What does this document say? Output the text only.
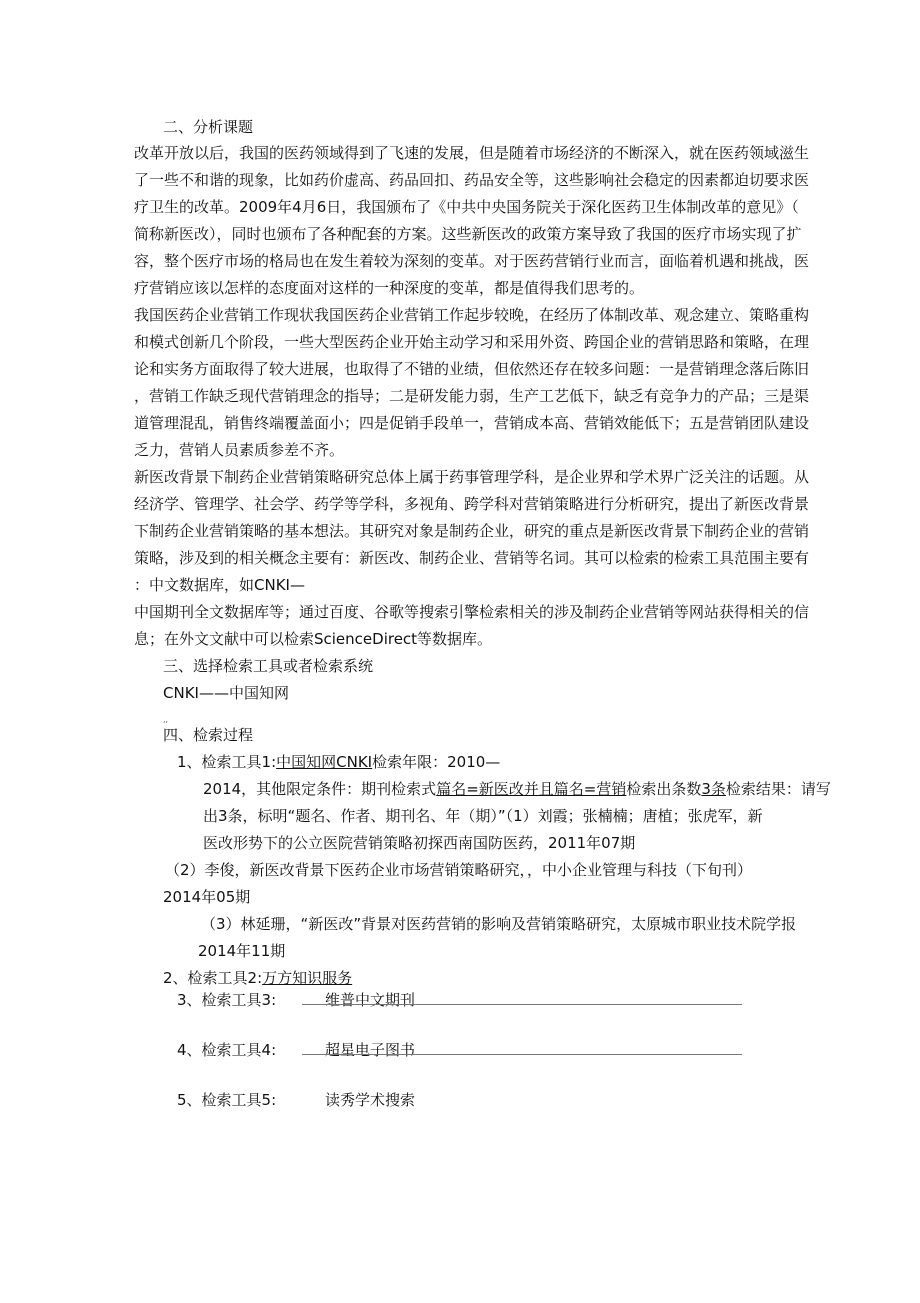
二、分析课题
改革开放以后，我国的医药领域得到了飞速的发展，但是随着市场经济的不断深入，就在医药领域滋生
了一些不和谐的现象，比如药价虚高、药品回扣、药品安全等，这些影响社会稳定的因素都迫切要求医
疗卫生的改革。2009年4月6日，我国颁布了《中共中央国务院关于深化医药卫生体制改革的意见》（
简称新医改），同时也颁布了各种配套的方案。这些新医改的政策方案导致了我国的医疗市场实现了扩
容，整个医疗市场的格局也在发生着较为深刻的变革。对于医药营销行业而言，面临着机遇和挑战，医
疗营销应该以怎样的态度面对这样的一种深度的变革，都是值得我们思考的。
我国医药企业营销工作现状我国医药企业营销工作起步较晚，在经历了体制改革、观念建立、策略重构
和模式创新几个阶段，一些大型医药企业开始主动学习和采用外资、跨国企业的营销思路和策略，在理
论和实务方面取得了较大进展，也取得了不错的业绩，但依然还存在较多问题：一是营销理念落后陈旧
，营销工作缺乏现代营销理念的指导；二是研发能力弱，生产工艺低下，缺乏有竞争力的产品；三是渠
道管理混乱，销售终端覆盖面小；四是促销手段单一，营销成本高、营销效能低下；五是营销团队建设
乏力，营销人员素质参差不齐。
新医改背景下制药企业营销策略研究总体上属于药事管理学科，是企业界和学术界广泛关注的话题。从
经济学、管理学、社会学、药学等学科，多视角、跨学科对营销策略进行分析研究，提出了新医改背景
下制药企业营销策略的基本想法。其研究对象是制药企业，研究的重点是新医改背景下制药企业的营销
策略，涉及到的相关概念主要有：新医改、制药企业、营销等名词。其可以检索的检索工具范围主要有
：中文数据库，如CNKI—
中国期刊全文数据库等；通过百度、谷歌等搜索引擎检索相关的涉及制药企业营销等网站获得相关的信
息；在外文文献中可以检索ScienceDirect等数据库。
三、选择检索工具或者检索系统
CNKI——中国知网
,,
四、检索过程
1、检索工具1:中国知网CNKI检索年限：2010—
2014，其他限定条件：期刊检索式篇名=新医改并且篇名=营销检索出条数3条检索结果：请写
出3条，标明“题名、作者、期刊名、年（期）”（1）刘霞；张楠楠；唐植；张虎军，新
医改形势下的公立医院营销策略初探西南国防医药，2011年07期
（2）李俊，新医改背景下医药企业市场营销策略研究，，中小企业管理与科技（下旬刊）
2014年05期
（3）林延珊，“新医改”背景对医药营销的影响及营销策略研究，太原城市职业技术院学报
2014年11期
2、检索工具2:万方知识服务
3、检索工具3:	维普中文期刊
4、检索工具4:	超星电子图书
5、检索工具5:	读秀学术搜索
